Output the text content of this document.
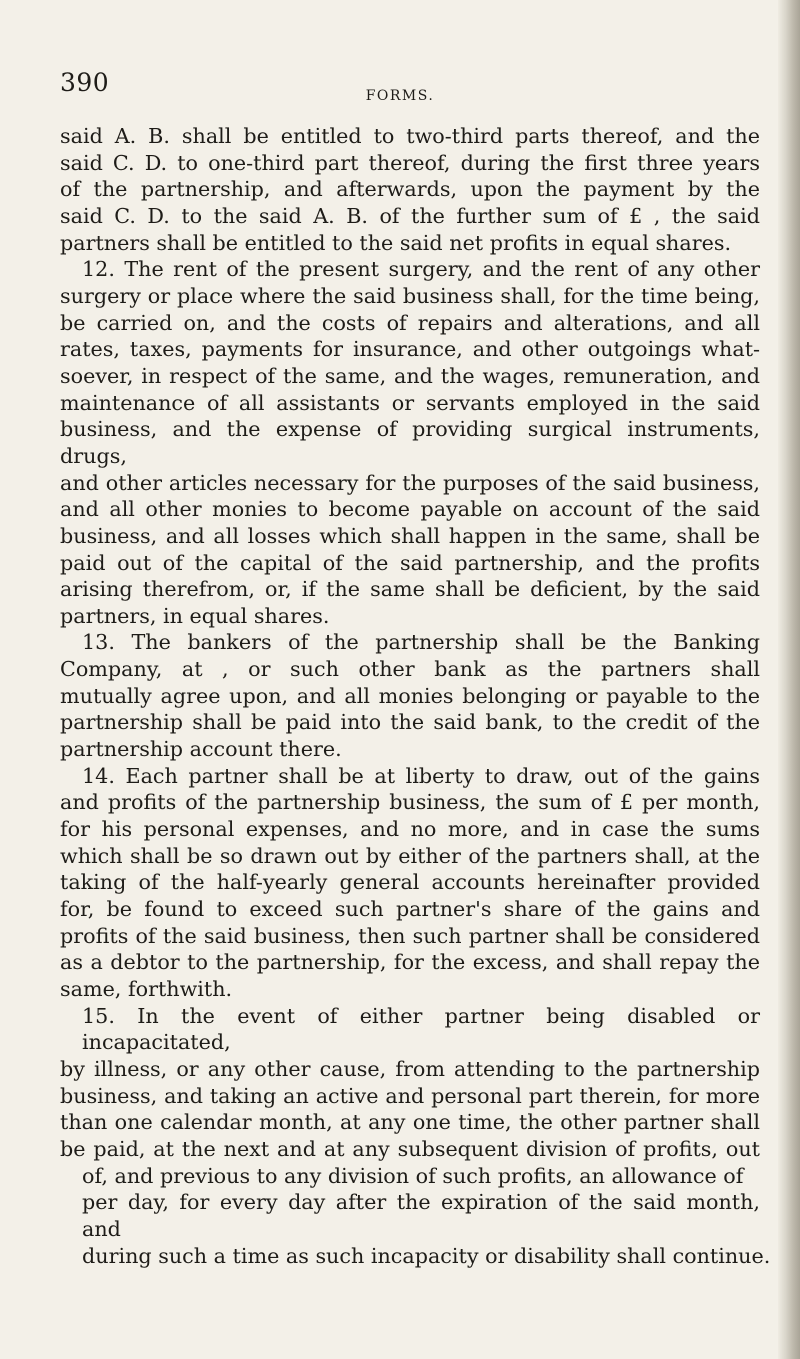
390	FORMS.
said A. B. shall be entitled to two-third parts thereof, and the
said C. D. to one-third part thereof, during the first three years
of the partnership, and afterwards, upon the payment by the
said C. D. to the said A. B. of the further sum of £ , the said
partners shall be entitled to the said net profits in equal shares.
12. The rent of the present surgery, and the rent of any other
surgery or place where the said business shall, for the time being,
be carried on, and the costs of repairs and alterations, and all
rates, taxes, payments for insurance, and other outgoings what-
soever, in respect of the same, and the wages, remuneration, and
maintenance of all assistants or servants employed in the said
business, and the expense of providing surgical instruments, drugs,
and other articles necessary for the purposes of the said business,
and all other monies to become payable on account of the said
business, and all losses which shall happen in the same, shall be
paid out of the capital of the said partnership, and the profits
arising therefrom, or, if the same shall be deficient, by the said
partners, in equal shares.
13. The bankers of the partnership shall be the Banking
Company, at , or such other bank as the partners shall
mutually agree upon, and all monies belonging or payable to the
partnership shall be paid into the said bank, to the credit of the
partnership account there.
14. Each partner shall be at liberty to draw, out of the gains
and profits of the partnership business, the sum of £ per month,
for his personal expenses, and no more, and in case the sums
which shall be so drawn out by either of the partners shall, at the
taking of the half-yearly general accounts hereinafter provided
for, be found to exceed such partner's share of the gains and
profits of the said business, then such partner shall be considered
as a debtor to the partnership, for the excess, and shall repay the
same, forthwith.
15. In the event of either partner being disabled or incapacitated,
by illness, or any other cause, from attending to the partnership
business, and taking an active and personal part therein, for more
than one calendar month, at any one time, the other partner shall
be paid, at the next and at any subsequent division of profits, out
of, and previous to any division of such profits, an allowance of
per day, for every day after the expiration of the said month, and
during such a time as such incapacity or disability shall continue.
